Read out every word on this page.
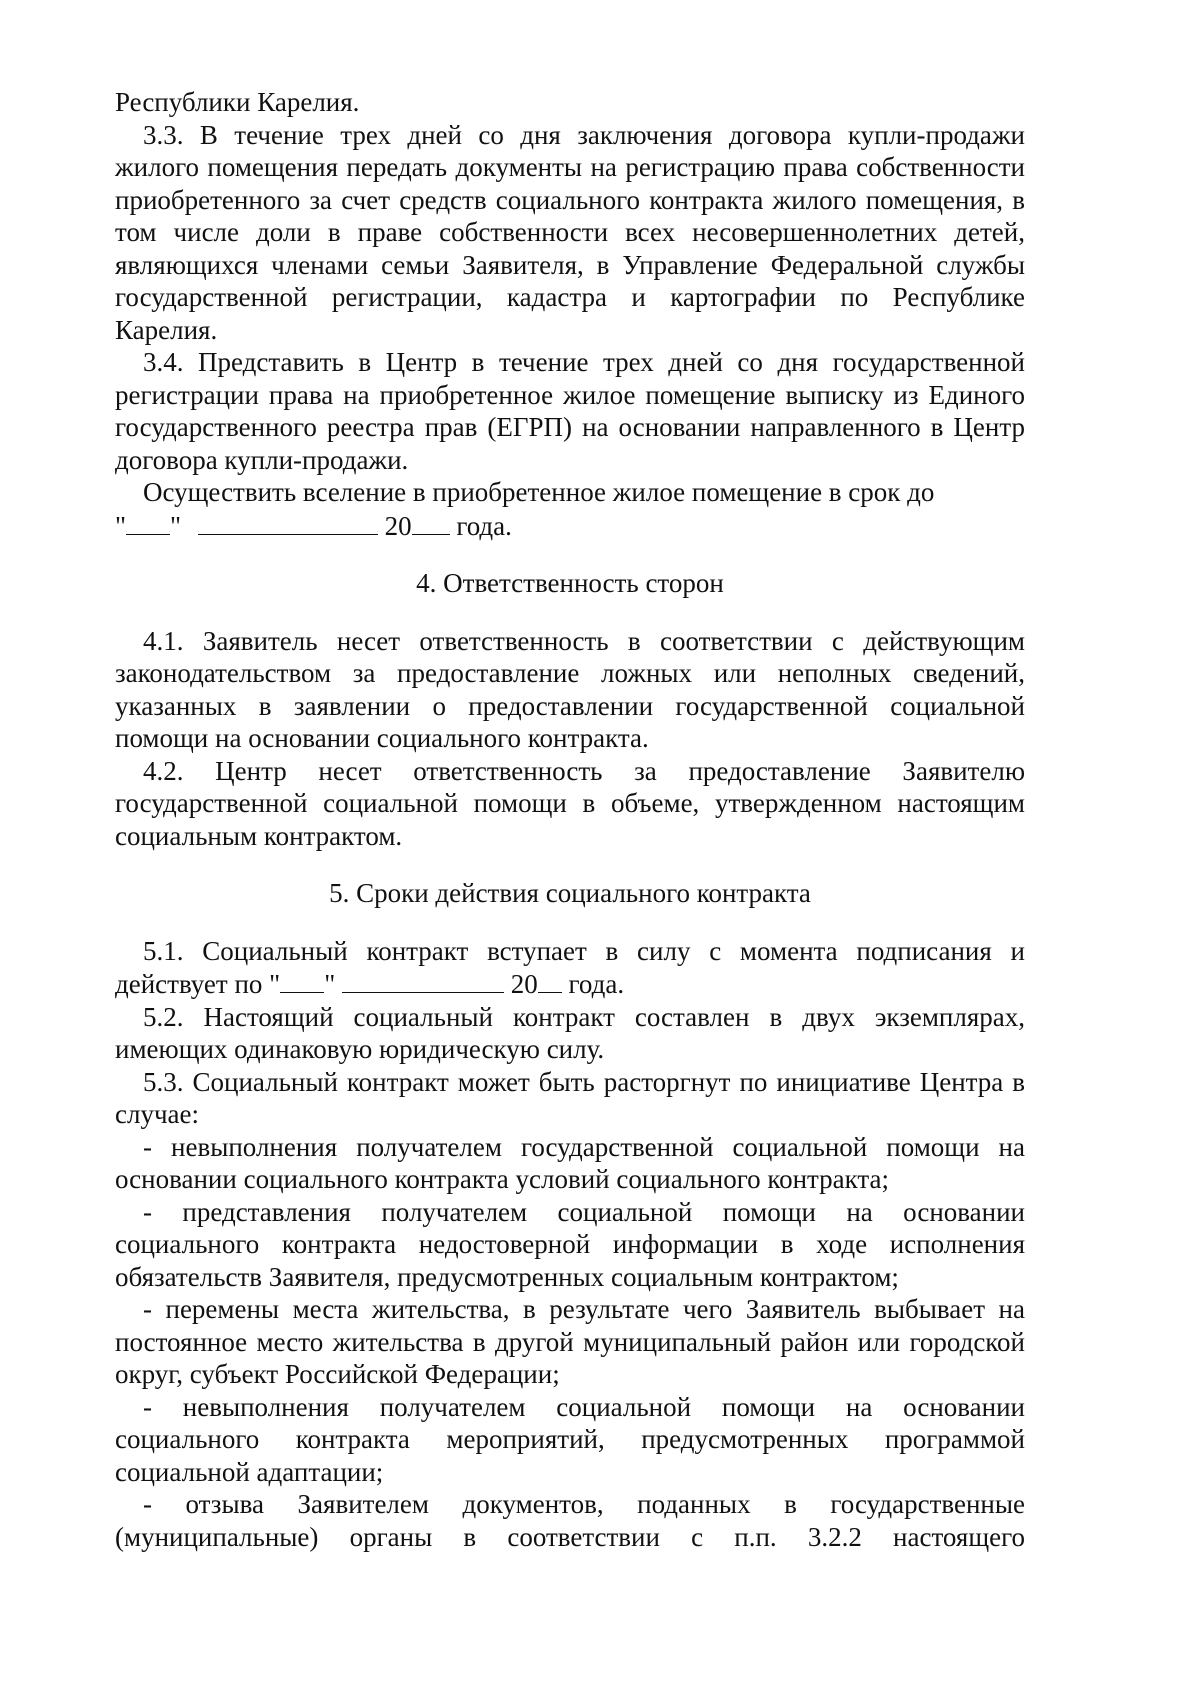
Республики Карелия.

3.3. В течение трех дней со дня заключения договора купли-продажи жилого помещения передать документы на регистрацию права собственности приобретенного за счет средств социального контракта жилого помещения, в том числе доли в праве собственности всех несовершеннолетних детей, являющихся членами семьи Заявителя, в Управление Федеральной службы государственной регистрации, кадастра и картографии по Республике Карелия.

3.4. Представить в Центр в течение трех дней со дня государственной регистрации права на приобретенное жилое помещение выписку из Единого государственного реестра прав (ЕГРП) на основании направленного в Центр договора купли-продажи.

Осуществить вселение в приобретенное жилое помещение в срок до

" "	20 года.

4. Ответственность сторон

4.1. Заявитель несет ответственность в соответствии с действующим законодательством за предоставление ложных или неполных сведений, указанных в заявлении о предоставлении государственной социальной помощи на основании социального контракта.

4.2. Центр несет ответственность за предоставление Заявителю государственной социальной помощи в объеме, утвержденном настоящим социальным контрактом.

5. Сроки действия социального контракта

5.1. Социальный контракт вступает в силу с момента подписания и действует по " "	20 года.

5.2. Настоящий социальный контракт составлен в двух экземплярах, имеющих одинаковую юридическую силу.

5.3. Социальный контракт может быть расторгнут по инициативе Центра в случае:

- невыполнения получателем государственной социальной помощи на основании социального контракта условий социального контракта;

- представления получателем социальной помощи на основании социального контракта недостоверной информации в ходе исполнения обязательств Заявителя, предусмотренных социальным контрактом;

- перемены места жительства, в результате чего Заявитель выбывает на постоянное место жительства в другой муниципальный район или городской округ, субъект Российской Федерации;

- невыполнения получателем социальной помощи на основании социального контракта мероприятий, предусмотренных программой социальной адаптации;

- отзыва Заявителем документов, поданных в государственные (муниципальные) органы в соответствии с п.п. 3.2.2 настоящего
